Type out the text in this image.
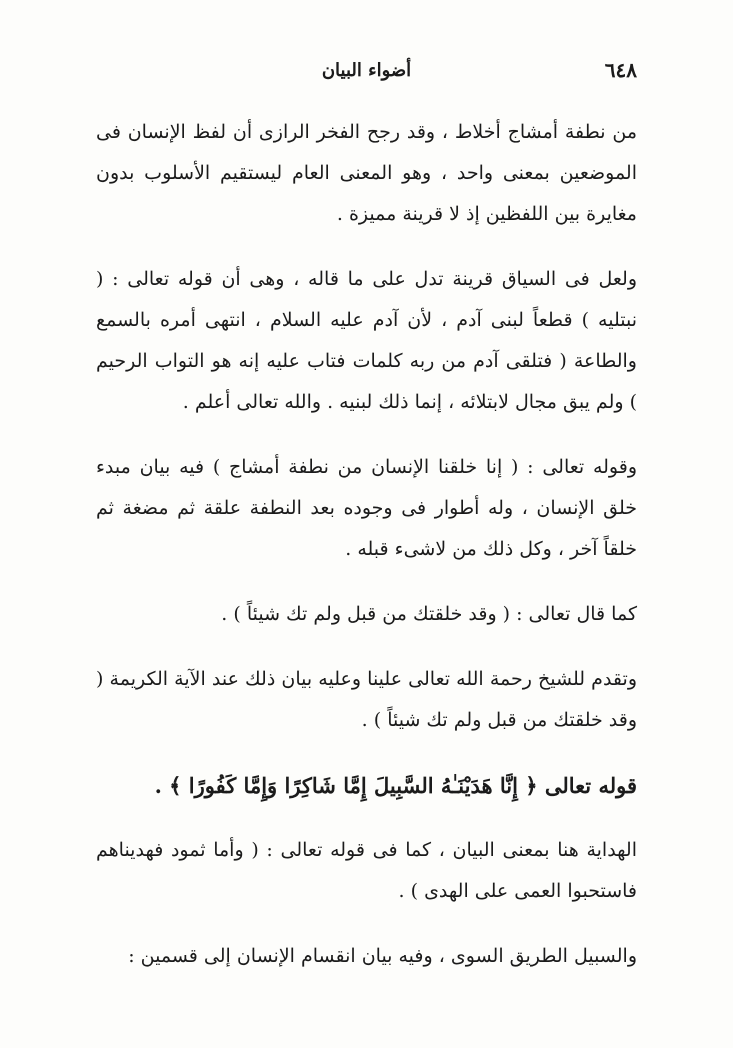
٦٤٨
أضواء البيان

من نطفة أمشاج أخلاط ، وقد رجح الفخر الرازى أن لفظ الإنسان فى الموضعين بمعنى واحد ، وهو المعنى العام ليستقيم الأسلوب بدون مغايرة بين اللفظين إذ لا قرينة مميزة .

ولعل فى السياق قرينة تدل على ما قاله ، وهى أن قوله تعالى : ( نبتليه ) قطعاً لبنى آدم ، لأن آدم عليه السلام ، انتهى أمره بالسمع والطاعة ( فتلقى آدم من ربه كلمات فتاب عليه إنه هو التواب الرحيم ) ولم يبق مجال لابتلائه ، إنما ذلك لبنيه . والله تعالى أعلم .

وقوله تعالى : ( إنا خلقنا الإنسان من نطفة أمشاج ) فيه بيان مبدء خلق الإنسان ، وله أطوار فى وجوده بعد النطفة علقة ثم مضغة ثم خلقاً آخر ، وكل ذلك من لاشىء قبله .

كما قال تعالى : ( وقد خلقتك من قبل ولم تك شيئاً ) .

وتقدم للشيخ رحمة الله تعالى علينا وعليه بيان ذلك عند الآية الكريمة ( وقد خلقتك من قبل ولم تك شيئاً ) .

قوله تعالى ﴿ إِنَّا هَدَيْنَـٰهُ السَّبِيلَ إِمَّا شَاكِرًا وَإِمَّا كَفُورًا ﴾ .

الهداية هنا بمعنى البيان ، كما فى قوله تعالى : ( وأما ثمود فهديناهم فاستحبوا العمى على الهدى ) .

والسبيل الطريق السوى ، وفيه بيان انقسام الإنسان إلى قسمين :
